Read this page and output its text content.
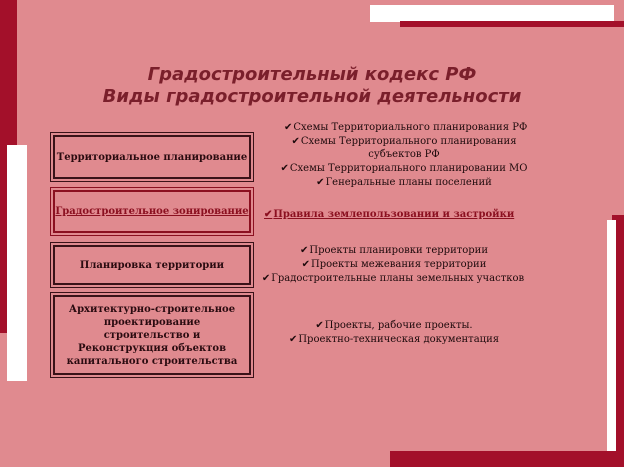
Градостроительный кодекс РФ
Виды градостроительной деятельности
Территориальное планирование
Градостроительное зонирование
Планировка территории
Архитектурно-строительное проектирование строительство и Реконструкция объектов капитального строительства
✔Схемы Территориального планирования РФ
✔Схемы Территориального планирования
субъектов РФ
✔Схемы Территориального планировании МО
✔Генеральные планы поселений
✔Правила землепользовании и застройки
✔Проекты планировки территории
✔Проекты межевания территории
✔Градостроительные планы земельных участков
✔Проекты, рабочие проекты.
✔Проектно-техническая документация
